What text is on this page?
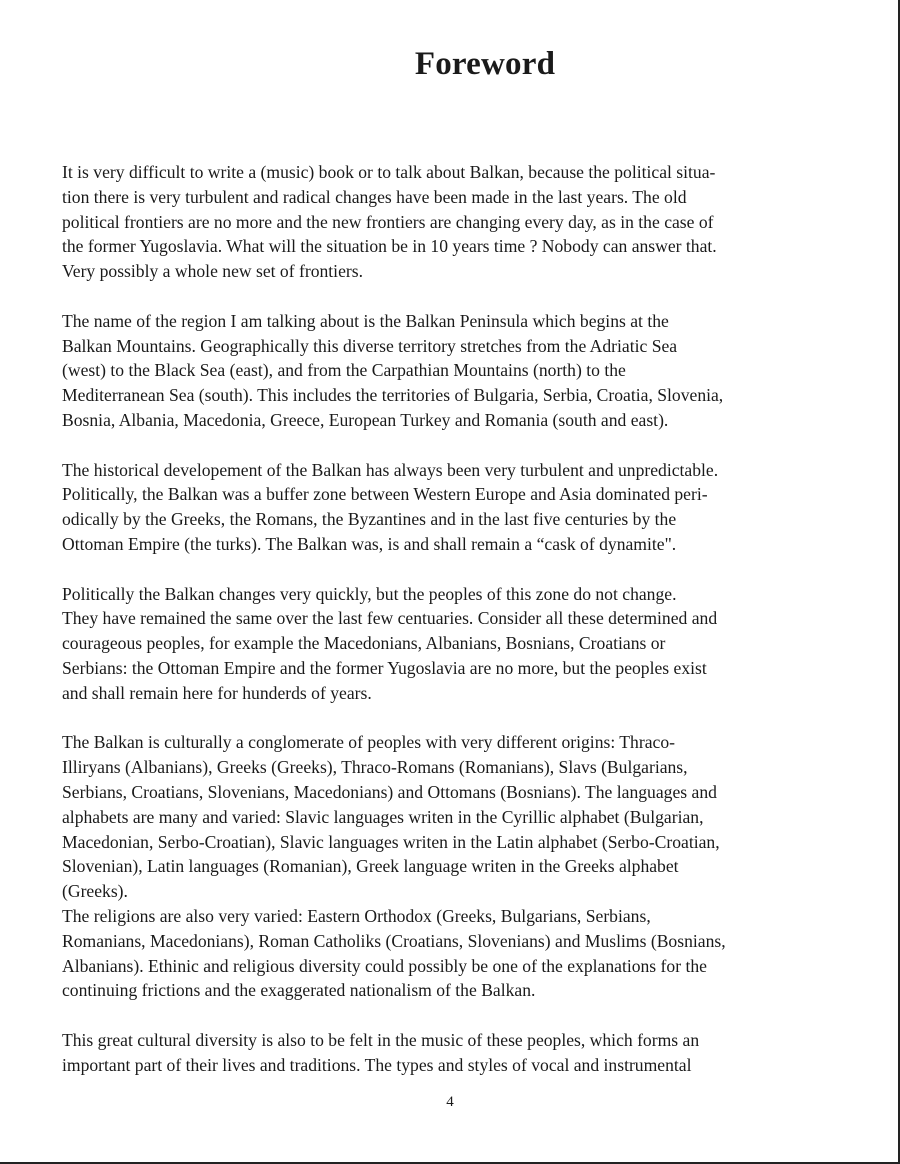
Foreword

It is very difficult to write a (music) book or to talk about Balkan, because the political situa-
tion there is very turbulent and radical changes have been made in the last years. The old
political frontiers are no more and the new frontiers are changing every day, as in the case of
the former Yugoslavia. What will the situation be in 10 years time ? Nobody can answer that.
Very possibly a whole new set of frontiers.

The name of the region I am talking about is the Balkan Peninsula which begins at the
Balkan Mountains. Geographically this diverse territory stretches from the Adriatic Sea
(west) to the Black Sea (east), and from the Carpathian Mountains (north) to the
Mediterranean Sea (south). This includes the territories of Bulgaria, Serbia, Croatia, Slovenia,
Bosnia, Albania, Macedonia, Greece, European Turkey and Romania (south and east).

The historical developement of the Balkan has always been very turbulent and unpredictable.
Politically, the Balkan was a buffer zone between Western Europe and Asia dominated peri-
odically by the Greeks, the Romans, the Byzantines and in the last five centuries by the
Ottoman Empire (the turks). The Balkan was, is and shall remain a “cask of dynamite".

Politically the Balkan changes very quickly, but the peoples of this zone do not change.
They have remained the same over the last few centuaries. Consider all these determined and
courageous peoples, for example the Macedonians, Albanians, Bosnians, Croatians or
Serbians: the Ottoman Empire and the former Yugoslavia are no more, but the peoples exist
and shall remain here for hunderds of years.

The Balkan is culturally a conglomerate of peoples with very different origins: Thraco-
Illiryans (Albanians), Greeks (Greeks), Thraco-Romans (Romanians), Slavs (Bulgarians,
Serbians, Croatians, Slovenians, Macedonians) and Ottomans (Bosnians). The languages and
alphabets are many and varied: Slavic languages writen in the Cyrillic alphabet (Bulgarian,
Macedonian, Serbo-Croatian), Slavic languages writen in the Latin alphabet (Serbo-Croatian,
Slovenian), Latin languages (Romanian), Greek language writen in the Greeks alphabet
(Greeks).

The religions are also very varied: Eastern Orthodox (Greeks, Bulgarians, Serbians,
Romanians, Macedonians), Roman Catholiks (Croatians, Slovenians) and Muslims (Bosnians,
Albanians). Ethinic and religious diversity could possibly be one of the explanations for the
continuing frictions and the exaggerated nationalism of the Balkan.

This great cultural diversity is also to be felt in the music of these peoples, which forms an
important part of their lives and traditions. The types and styles of vocal and instrumental

4
